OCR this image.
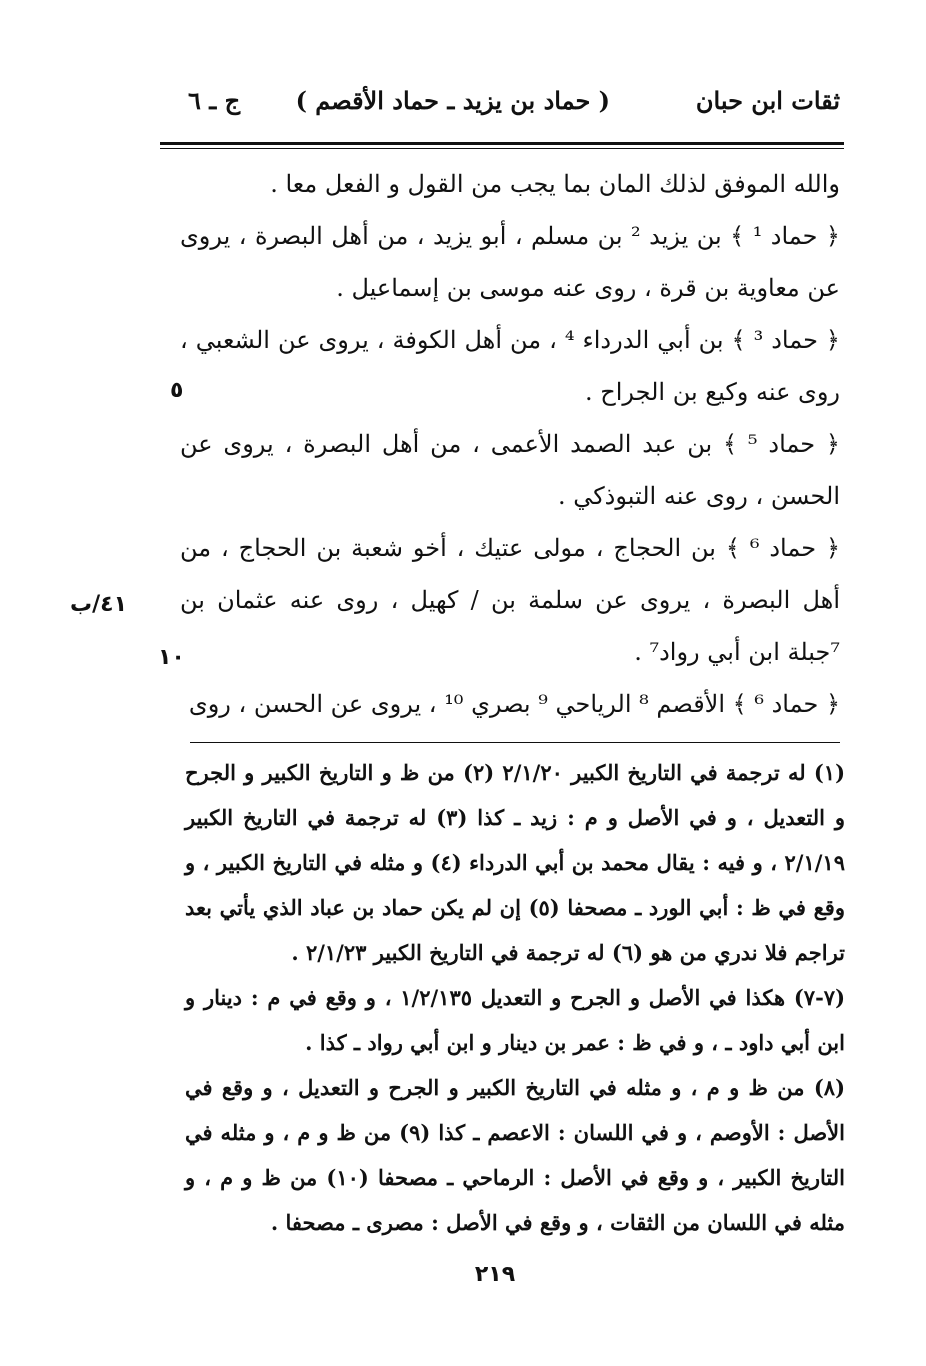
ثقات ابن حبان
( حماد بن يزيد ـ حماد الأقصم )
ج ـ ٦

والله الموفق لذلك المان بما يجب من القول و الفعل معا .

﴿ حماد ¹ ﴾ بن يزيد ² بن مسلم ، أبو يزيد ، من أهل البصرة ، يروى عن معاوية بن قرة ، روى عنه موسى بن إسماعيل .

﴿ حماد ³ ﴾ بن أبي الدرداء ⁴ ، من أهل الكوفة ، يروى عن الشعبي ، روى عنه وكيع بن الجراح .

﴿ حماد ⁵ ﴾ بن عبد الصمد الأعمى ، من أهل البصرة ، يروى عن الحسن ، روى عنه التبوذكي .

﴿ حماد ⁶ ﴾ بن الحجاج ، مولى عتيك ، أخو شعبة بن الحجاج ، من أهل البصرة ، يروى عن سلمة بن / كهيل ، روى عنه عثمان بن ⁷جبلة ابن أبي رواد⁷ .

﴿ حماد ⁶ ﴾ الأقصم ⁸ الرياحي ⁹ بصري ¹⁰ ، يروى عن الحسن ، روى

٥
٤١/ب
١٠

(١) له ترجمة في التاريخ الكبير ٢/١/٢٠ (٢) من ظ و التاريخ الكبير و الجرح و التعديل ، و في الأصل و م : زيد ـ كذا (٣) له ترجمة في التاريخ الكبير ٢/١/١٩ ، و فيه : يقال محمد بن أبي الدرداء (٤) و مثله في التاريخ الكبير ، و وقع في ظ : أبي الورد ـ مصحفا (٥) إن لم يكن حماد بن عباد الذي يأتي بعد تراجم فلا ندري من هو (٦) له ترجمة في التاريخ الكبير ٢/١/٢٣ .

(٧-٧) هكذا في الأصل و الجرح و التعديل ١/٢/١٣٥ ، و وقع في م : دينار و ابن أبي داود ـ ، و في ظ : عمر بن دينار و ابن أبي رواد ـ كذا .

(٨) من ظ و م ، و مثله في التاريخ الكبير و الجرح و التعديل ، و وقع في الأصل : الأوصم ، و في اللسان : الاعصم ـ كذا (٩) من ظ و م ، و مثله في التاريخ الكبير ، و وقع في الأصل : الرماحي ـ مصحفا (١٠) من ظ و م ، و مثله في اللسان من الثقات ، و وقع في الأصل : مصرى ـ مصحفا .

٢١٩
